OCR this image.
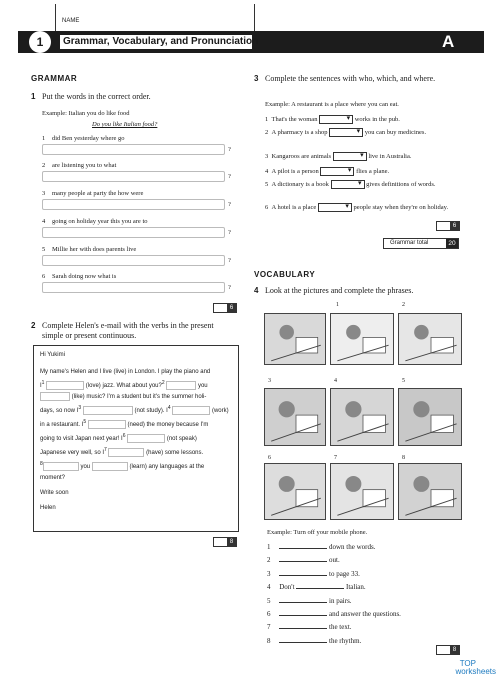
NAME
1	Grammar, Vocabulary, and Pronunciation	A
GRAMMAR
1 Put the words in the correct order.
Example: Italian you do like food
Do you like Italian food?
1 did Ben yesterday where go
?
2 are listening you to what
?
3 many people at party the how were
?
4 going on holiday year this you are to
?
5 Millie her with does parents live
?
6 Sarah doing now what is
?
6
2 Complete Helen's e-mail with the verbs in the present simple or present continuous.
Hi Yukimi
My name's Helen and I live (live) in London. I play the piano and
$I^1$	(love) jazz. What about you?$^2$	you
(like) music? I'm a student but it's the summer holi-
days, so now $I^3$	(not study). $I^4$	(work)
in a restaurant. $I^5$	(need) the money because I'm
going to visit Japan next year! $I^6$	(not speak)
Japanese very well, so $I^7$	(have) some lessons.
$^8$	you	(learn) any languages at the
moment?
Write soon
Helen
8
3 Complete the sentences with who, which, and where.
Example: A restaurant is a place where you can eat.
1 That's the woman ▾	works in the pub.
2 A pharmacy is a shop ▾	you can buy medicines.
3 Kangaroos are animals ▾	live in Australia.
4 A pilot is a person ▾	flies a plane.
5 A dictionary is a book ▾	gives definitions of words.
6 A hotel is a place ▾	people stay when they're on holiday.
6
Grammar total	20
VOCABULARY
4 Look at the pictures and complete the phrases.
1	2
3	4	5
6	7	8
Example: Turn off your mobile phone.
1	down the words.
2	out.
3	to page 33.
4 Don't	Italian.
5	in pairs.
6	and answer the questions.
7	the text.
8	the rhythm.
8
TOP
worksheets
